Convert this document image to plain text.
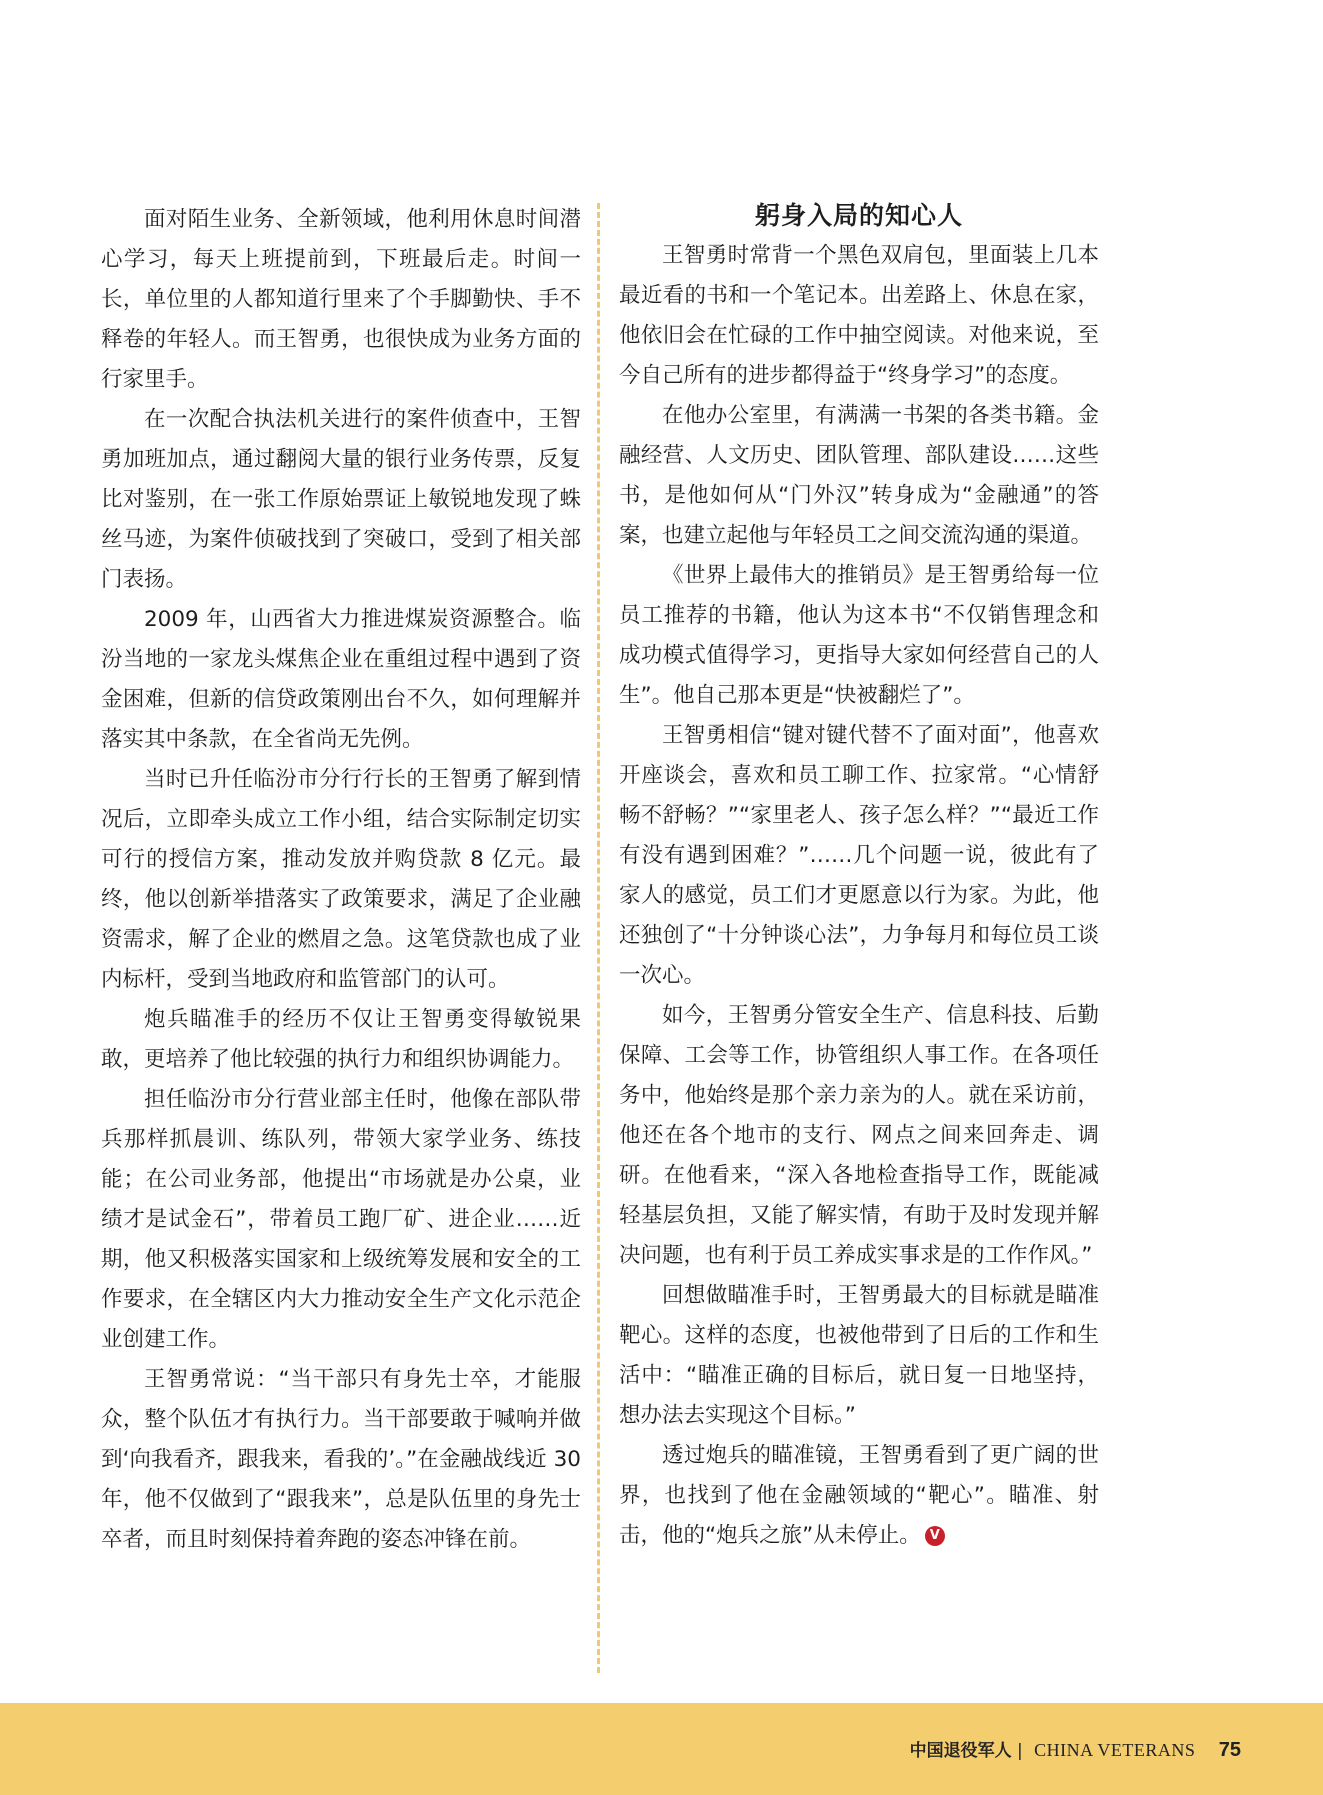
面对陌生业务、全新领域，他利用休息时间潜心学习，每天上班提前到，下班最后走。时间一长，单位里的人都知道行里来了个手脚勤快、手不释卷的年轻人。而王智勇，也很快成为业务方面的行家里手。

在一次配合执法机关进行的案件侦查中，王智勇加班加点，通过翻阅大量的银行业务传票，反复比对鉴别，在一张工作原始票证上敏锐地发现了蛛丝马迹，为案件侦破找到了突破口，受到了相关部门表扬。

2009 年，山西省大力推进煤炭资源整合。临汾当地的一家龙头煤焦企业在重组过程中遇到了资金困难，但新的信贷政策刚出台不久，如何理解并落实其中条款，在全省尚无先例。

当时已升任临汾市分行行长的王智勇了解到情况后，立即牵头成立工作小组，结合实际制定切实可行的授信方案，推动发放并购贷款 8 亿元。最终，他以创新举措落实了政策要求，满足了企业融资需求，解了企业的燃眉之急。这笔贷款也成了业内标杆，受到当地政府和监管部门的认可。

炮兵瞄准手的经历不仅让王智勇变得敏锐果敢，更培养了他比较强的执行力和组织协调能力。

担任临汾市分行营业部主任时，他像在部队带兵那样抓晨训、练队列，带领大家学业务、练技能；在公司业务部，他提出“市场就是办公桌，业绩才是试金石”，带着员工跑厂矿、进企业……近期，他又积极落实国家和上级统筹发展和安全的工作要求，在全辖区内大力推动安全生产文化示范企业创建工作。

王智勇常说：“当干部只有身先士卒，才能服众，整个队伍才有执行力。当干部要敢于喊响并做到‘向我看齐，跟我来，看我的’。”在金融战线近 30 年，他不仅做到了“跟我来”，总是队伍里的身先士卒者，而且时刻保持着奔跑的姿态冲锋在前。

躬身入局的知心人

王智勇时常背一个黑色双肩包，里面装上几本最近看的书和一个笔记本。出差路上、休息在家，他依旧会在忙碌的工作中抽空阅读。对他来说，至今自己所有的进步都得益于“终身学习”的态度。

在他办公室里，有满满一书架的各类书籍。金融经营、人文历史、团队管理、部队建设……这些书，是他如何从“门外汉”转身成为“金融通”的答案，也建立起他与年轻员工之间交流沟通的渠道。

《世界上最伟大的推销员》是王智勇给每一位员工推荐的书籍，他认为这本书“不仅销售理念和成功模式值得学习，更指导大家如何经营自己的人生”。他自己那本更是“快被翻烂了”。

王智勇相信“键对键代替不了面对面”，他喜欢开座谈会，喜欢和员工聊工作、拉家常。“心情舒畅不舒畅？”“家里老人、孩子怎么样？”“最近工作有没有遇到困难？”……几个问题一说，彼此有了家人的感觉，员工们才更愿意以行为家。为此，他还独创了“十分钟谈心法”，力争每月和每位员工谈一次心。

如今，王智勇分管安全生产、信息科技、后勤保障、工会等工作，协管组织人事工作。在各项任务中，他始终是那个亲力亲为的人。就在采访前，他还在各个地市的支行、网点之间来回奔走、调研。在他看来，“深入各地检查指导工作，既能减轻基层负担，又能了解实情，有助于及时发现并解决问题，也有利于员工养成实事求是的工作作风。”

回想做瞄准手时，王智勇最大的目标就是瞄准靶心。这样的态度，也被他带到了日后的工作和生活中：“瞄准正确的目标后，就日复一日地坚持，想办法去实现这个目标。”

透过炮兵的瞄准镜，王智勇看到了更广阔的世界，也找到了他在金融领域的“靶心”。瞄准、射击，他的“炮兵之旅”从未停止。 V

中国退役军人 | CHINA VETERANS 75
